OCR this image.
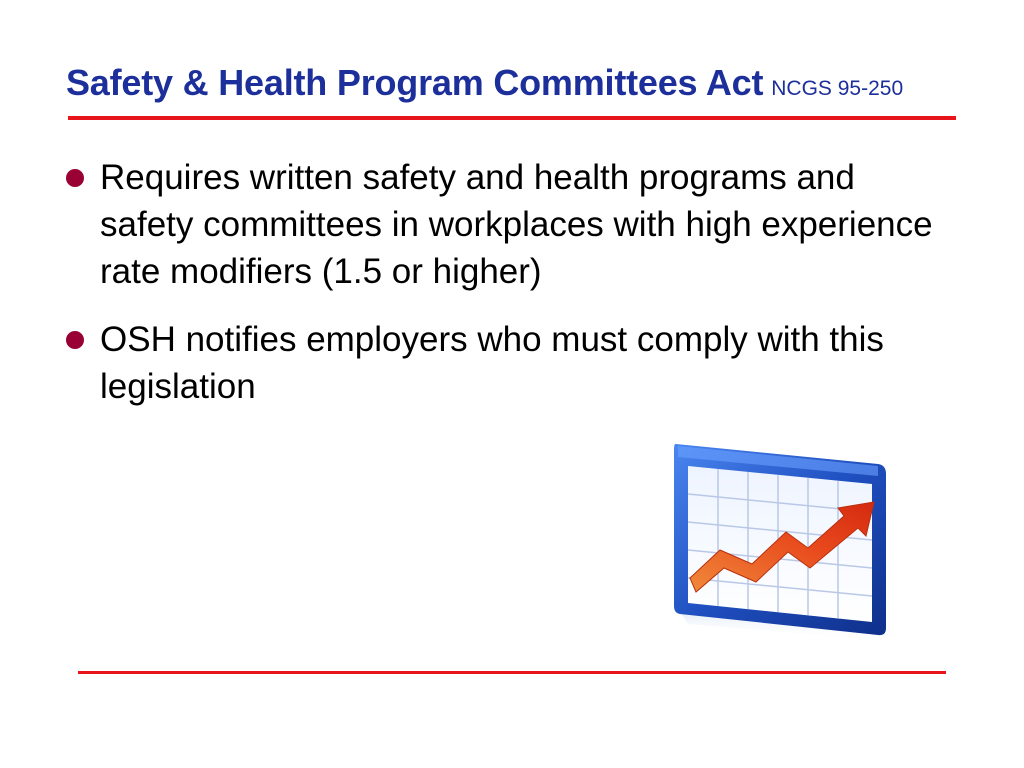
Safety & Health Program Committees Act NCGS 95-250
Requires written safety and health programs and safety committees in workplaces with high experience rate modifiers (1.5 or higher)
OSH notifies employers who must comply with this legislation
